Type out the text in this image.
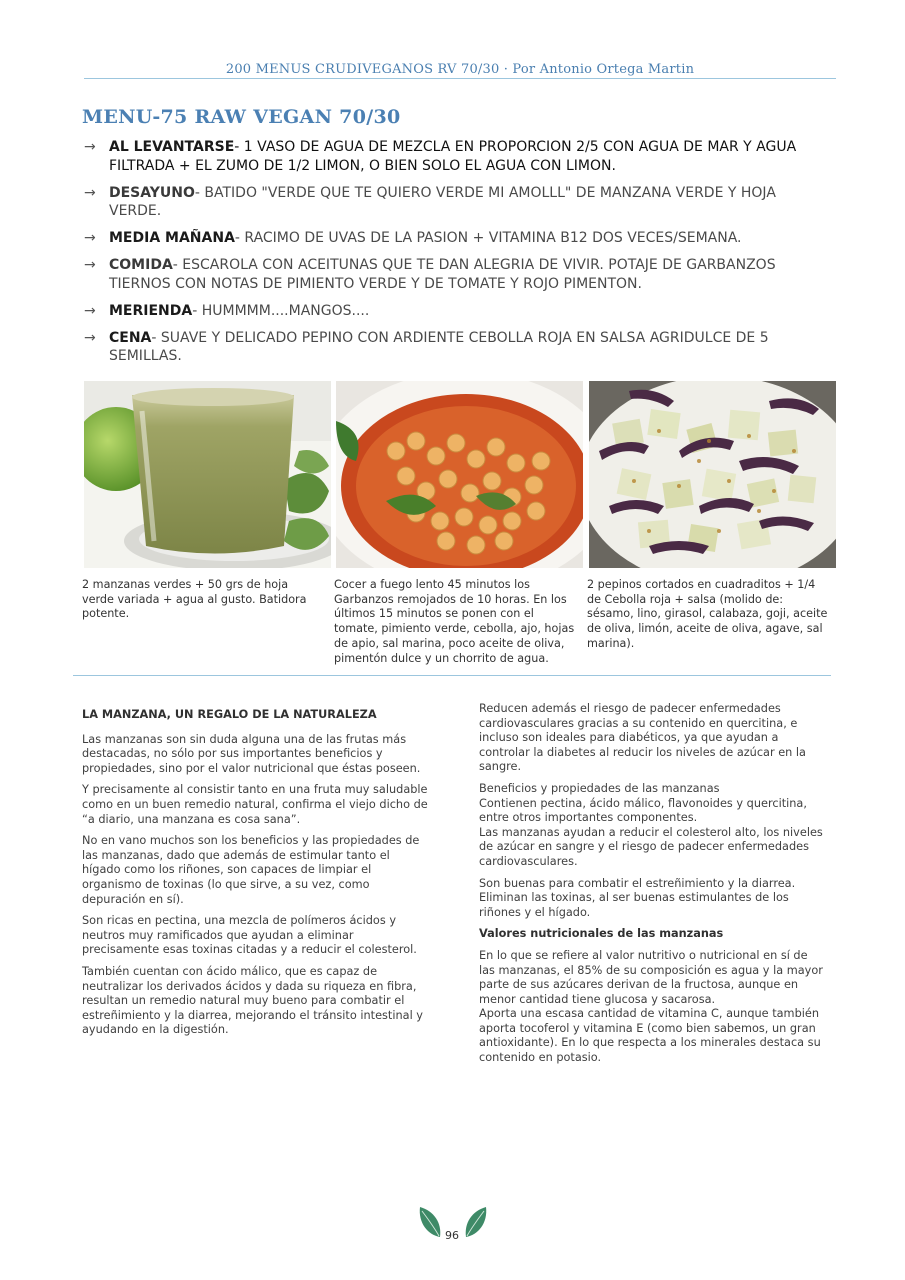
200 MENUS CRUDIVEGANOS RV 70/30 · Por Antonio Ortega Martin
MENU-75 RAW VEGAN 70/30
→ AL LEVANTARSE- 1 VASO DE AGUA DE MEZCLA EN PROPORCION 2/5 CON AGUA DE MAR Y AGUA FILTRADA + EL ZUMO DE 1/2 LIMON, O BIEN SOLO EL AGUA CON LIMON.
→ DESAYUNO- BATIDO "VERDE QUE TE QUIERO VERDE MI AMOLLL" DE MANZANA VERDE Y HOJA VERDE.
→ MEDIA MAÑANA- RACIMO DE UVAS DE LA PASION + VITAMINA B12 DOS VECES/SEMANA.
→ COMIDA- ESCAROLA CON ACEITUNAS QUE TE DAN ALEGRIA DE VIVIR. POTAJE DE GARBANZOS TIERNOS CON NOTAS DE PIMIENTO VERDE Y DE TOMATE Y ROJO PIMENTON.
→ MERIENDA- HUMMMM....MANGOS....
→ CENA- SUAVE Y DELICADO PEPINO CON ARDIENTE CEBOLLA ROJA EN SALSA AGRIDULCE DE 5 SEMILLAS.
2 manzanas verdes + 50 grs de hoja verde variada + agua al gusto. Batidora potente.
Cocer a fuego lento 45 minutos los Garbanzos remojados de 10 horas. En los últimos 15 minutos se ponen con el tomate, pimiento verde, cebolla, ajo, hojas de apio, sal marina, poco aceite de oliva, pimentón dulce y un chorrito de agua.
2 pepinos cortados en cuadraditos + 1/4 de Cebolla roja + salsa (molido de: sésamo, lino, girasol, calabaza, goji, aceite de oliva, limón, aceite de oliva, agave, sal marina).

LA MANZANA, UN REGALO DE LA NATURALEZA

Las manzanas son sin duda alguna una de las frutas más destacadas, no sólo por sus importantes beneficios y propiedades, sino por el valor nutricional que éstas poseen.

Y precisamente al consistir tanto en una fruta muy saludable como en un buen remedio natural, confirma el viejo dicho de “a diario, una manzana es cosa sana”.

No en vano muchos son los beneficios y las propiedades de las manzanas, dado que además de estimular tanto el hígado como los riñones, son capaces de limpiar el organismo de toxinas (lo que sirve, a su vez, como depuración en sí).

Son ricas en pectina, una mezcla de polímeros ácidos y neutros muy ramificados que ayudan a eliminar precisamente esas toxinas citadas y a reducir el colesterol.

También cuentan con ácido málico, que es capaz de neutralizar los derivados ácidos y dada su riqueza en fibra, resultan un remedio natural muy bueno para combatir el estreñimiento y la diarrea, mejorando el tránsito intestinal y ayudando en la digestión.

Reducen además el riesgo de padecer enfermedades cardiovasculares gracias a su contenido en quercitina, e incluso son ideales para diabéticos, ya que ayudan a controlar la diabetes al reducir los niveles de azúcar en la sangre.

Beneficios y propiedades de las manzanas
Contienen pectina, ácido málico, flavonoides y quercitina, entre otros importantes componentes.
Las manzanas ayudan a reducir el colesterol alto, los niveles de azúcar en sangre y el riesgo de padecer enfermedades cardiovasculares.

Son buenas para combatir el estreñimiento y la diarrea.
Eliminan las toxinas, al ser buenas estimulantes de los riñones y el hígado.

Valores nutricionales de las manzanas

En lo que se refiere al valor nutritivo o nutricional en sí de las manzanas, el 85% de su composición es agua y la mayor parte de sus azúcares derivan de la fructosa, aunque en menor cantidad tiene glucosa y sacarosa.
Aporta una escasa cantidad de vitamina C, aunque también aporta tocoferol y vitamina E (como bien sabemos, un gran antioxidante). En lo que respecta a los minerales destaca su contenido en potasio.

96
